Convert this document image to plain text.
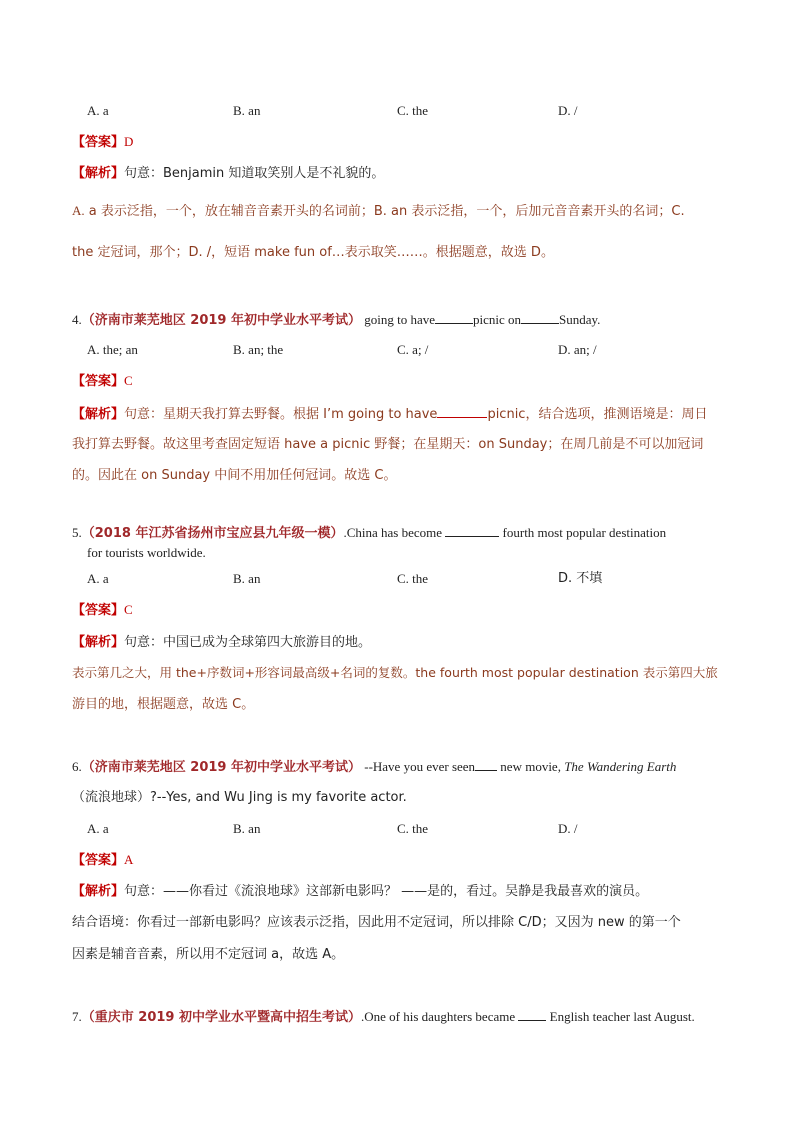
A. a	B. an	C. the	D. /
【答案】D
【解析】句意：Benjamin 知道取笑别人是不礼貌的。
A. a 表示泛指，一个，放在辅音音素开头的名词前；B. an 表示泛指，一个，后加元音音素开头的名词；C.
the 定冠词，那个；D. /，短语 make fun of…表示取笑……。根据题意，故选 D。
4.（济南市莱芜地区 2019 年初中学业水平考试） going to have	picnic on	Sunday.
A. the; an	B. an; the	C. a; /	D. an; /
【答案】C
【解析】句意：星期天我打算去野餐。根据 I’m going to have	picnic，结合选项，推测语境是：周日
我打算去野餐。故这里考查固定短语 have a picnic 野餐；在星期天：on Sunday；在周几前是不可以加冠词
的。因此在 on Sunday 中间不用加任何冠词。故选 C。
5.（2018 年江苏省扬州市宝应县九年级一模）.China has become	fourth most popular destination
for tourists worldwide.
A. a	B. an	C. the	D. 不填
【答案】C
【解析】句意：中国已成为全球第四大旅游目的地。
表示第几之大，用 the+序数词+形容词最高级+名词的复数。the fourth most popular destination 表示第四大旅
游目的地，根据题意，故选 C。
6.（济南市莱芜地区 2019 年初中学业水平考试） --Have you ever seen new movie, The Wandering Earth
（流浪地球）?--Yes, and Wu Jing is my favorite actor.
A. a	B. an	C. the	D. /
【答案】A
【解析】句意：——你看过《流浪地球》这部新电影吗？ ——是的，看过。吴静是我最喜欢的演员。
结合语境：你看过一部新电影吗？应该表示泛指，因此用不定冠词，所以排除 C/D；又因为 new 的第一个
因素是辅音音素，所以用不定冠词 a，故选 A。
7.（重庆市 2019 初中学业水平暨高中招生考试）.One of his daughters became	English teacher last August.
